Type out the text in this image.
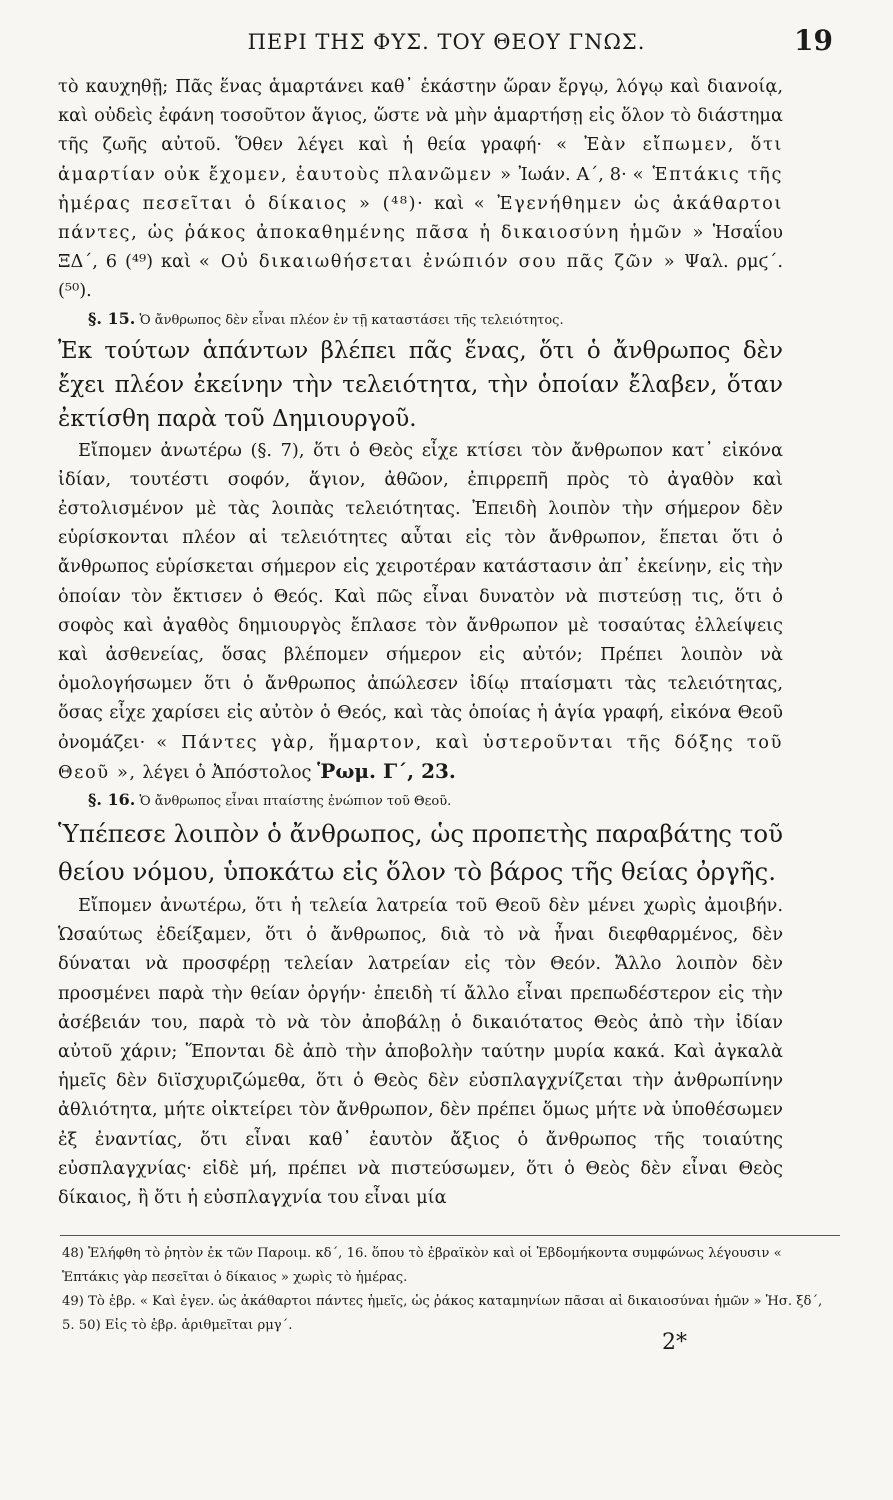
ΠΕΡΙ ΤΗΣ ΦΥΣ. ΤΟΥ ΘΕΟΥ ΓΝΩΣ.	19

τὸ καυχηθῇ; Πᾶς ἕνας ἁμαρτάνει καθ᾽ ἑκάστην ὥραν ἔργῳ, λόγῳ καὶ διανοίᾳ, καὶ οὐδεὶς ἐφάνη τοσοῦτον ἅγιος, ὥστε νὰ μὴν ἁμαρτήσῃ εἰς ὅλον τὸ διάστημα τῆς ζωῆς αὐτοῦ. Ὅθεν λέγει καὶ ἡ θεία γραφή· « Ἐὰν εἴπωμεν, ὅτι ἁμαρτίαν οὐκ ἔχομεν, ἑαυτοὺς πλανῶμεν » Ἰωάν. Α΄, 8· « Ἑπτάκις τῆς ἡμέρας πεσεῖται ὁ δίκαιος » (⁴⁸)· καὶ « Ἐγενήθημεν ὡς ἀκάθαρτοι πάντες, ὡς ῥάκος ἀποκαθημένης πᾶσα ἡ δικαιοσύνη ἡμῶν » Ἡσαΐου ΞΔ΄, 6 (⁴⁹) καὶ « Οὐ δικαιωθήσεται ἐνώπιόν σου πᾶς ζῶν » Ψαλ. ρμϛ΄. (⁵⁰).

§. 15. Ὁ ἄνθρωπος δὲν εἶναι πλέον ἐν τῇ καταστάσει τῆς τελειότητος.

Ἐκ τούτων ἁπάντων βλέπει πᾶς ἕνας, ὅτι ὁ ἄνθρωπος δὲν ἔχει πλέον ἐκείνην τὴν τελειότητα, τὴν ὁποίαν ἔλαβεν, ὅταν ἐκτίσθη παρὰ τοῦ Δημιουργοῦ.

Εἴπομεν ἀνωτέρω (§. 7), ὅτι ὁ Θεὸς εἶχε κτίσει τὸν ἄνθρωπον κατ᾽ εἰκόνα ἰδίαν, τουτέστι σοφόν, ἅγιον, ἀθῶον, ἐπιρρεπῆ πρὸς τὸ ἀγαθὸν καὶ ἐστολισμένον μὲ τὰς λοιπὰς τελειότητας. Ἐπειδὴ λοιπὸν τὴν σήμερον δὲν εὑρίσκονται πλέον αἱ τελειότητες αὗται εἰς τὸν ἄνθρωπον, ἕπεται ὅτι ὁ ἄνθρωπος εὑρίσκεται σήμερον εἰς χειροτέραν κατάστασιν ἀπ᾽ ἐκείνην, εἰς τὴν ὁποίαν τὸν ἔκτισεν ὁ Θεός. Καὶ πῶς εἶναι δυνατὸν νὰ πιστεύσῃ τις, ὅτι ὁ σοφὸς καὶ ἀγαθὸς δημιουργὸς ἔπλασε τὸν ἄνθρωπον μὲ τοσαύτας ἐλλείψεις καὶ ἀσθενείας, ὅσας βλέπομεν σήμερον εἰς αὐτόν; Πρέπει λοιπὸν νὰ ὁμολογήσωμεν ὅτι ὁ ἄνθρωπος ἀπώλεσεν ἰδίῳ πταίσματι τὰς τελειότητας, ὅσας εἶχε χαρίσει εἰς αὐτὸν ὁ Θεός, καὶ τὰς ὁποίας ἡ ἁγία γραφή, εἰκόνα Θεοῦ ὀνομάζει· « Πάντες γὰρ, ἥμαρτον, καὶ ὑστεροῦνται τῆς δόξης τοῦ Θεοῦ », λέγει ὁ Ἀπόστολος Ῥωμ. Γ΄, 23.

§. 16. Ὁ ἄνθρωπος εἶναι πταίστης ἐνώπιον τοῦ Θεοῦ.

Ὑπέπεσε λοιπὸν ὁ ἄνθρωπος, ὡς προπετὴς παραβάτης τοῦ θείου νόμου, ὑποκάτω εἰς ὅλον τὸ βάρος τῆς θείας ὀργῆς.

Εἴπομεν ἀνωτέρω, ὅτι ἡ τελεία λατρεία τοῦ Θεοῦ δὲν μένει χωρὶς ἀμοιβήν. Ὡσαύτως ἐδείξαμεν, ὅτι ὁ ἄνθρωπος, διὰ τὸ νὰ ἦναι διεφθαρμένος, δὲν δύναται νὰ προσφέρῃ τελείαν λατρείαν εἰς τὸν Θεόν. Ἄλλο λοιπὸν δὲν προσμένει παρὰ τὴν θείαν ὀργήν· ἐπειδὴ τί ἄλλο εἶναι πρεπωδέστερον εἰς τὴν ἀσέβειάν του, παρὰ τὸ νὰ τὸν ἀποβάλῃ ὁ δικαιότατος Θεὸς ἀπὸ τὴν ἰδίαν αὐτοῦ χάριν; Ἕπονται δὲ ἀπὸ τὴν ἀποβολὴν ταύτην μυρία κακά. Καὶ ἀγκαλὰ ἡμεῖς δὲν διϊσχυριζώμεθα, ὅτι ὁ Θεὸς δὲν εὐσπλαγχνίζεται τὴν ἀνθρωπίνην ἀθλιότητα, μήτε οἰκτείρει τὸν ἄνθρωπον, δὲν πρέπει ὅμως μήτε νὰ ὑποθέσωμεν ἐξ ἐναντίας, ὅτι εἶναι καθ᾽ ἑαυτὸν ἄξιος ὁ ἄνθρωπος τῆς τοιαύτης εὐσπλαγχνίας· εἰδὲ μή, πρέπει νὰ πιστεύσωμεν, ὅτι ὁ Θεὸς δὲν εἶναι Θεὸς δίκαιος, ἢ ὅτι ἡ εὐσπλαγχνία του εἶναι μία

48) Ἐλήφθη τὸ ῥητὸν ἐκ τῶν Παροιμ. κδ΄, 16. ὅπου τὸ ἑβραϊκὸν καὶ οἱ Ἑβδομήκοντα συμφώνως λέγουσιν « Ἑπτάκις γὰρ πεσεῖται ὁ δίκαιος » χωρὶς τὸ ἡμέρας.

49) Τὸ ἑβρ. « Καὶ ἐγεν. ὡς ἀκάθαρτοι πάντες ἡμεῖς, ὡς ῥάκος καταμηνίων πᾶσαι αἱ δικαιοσύναι ἡμῶν » Ἡσ. ξδ΄, 5. 50) Εἰς τὸ ἑβρ. ἀριθμεῖται ρμγ΄.

2*
